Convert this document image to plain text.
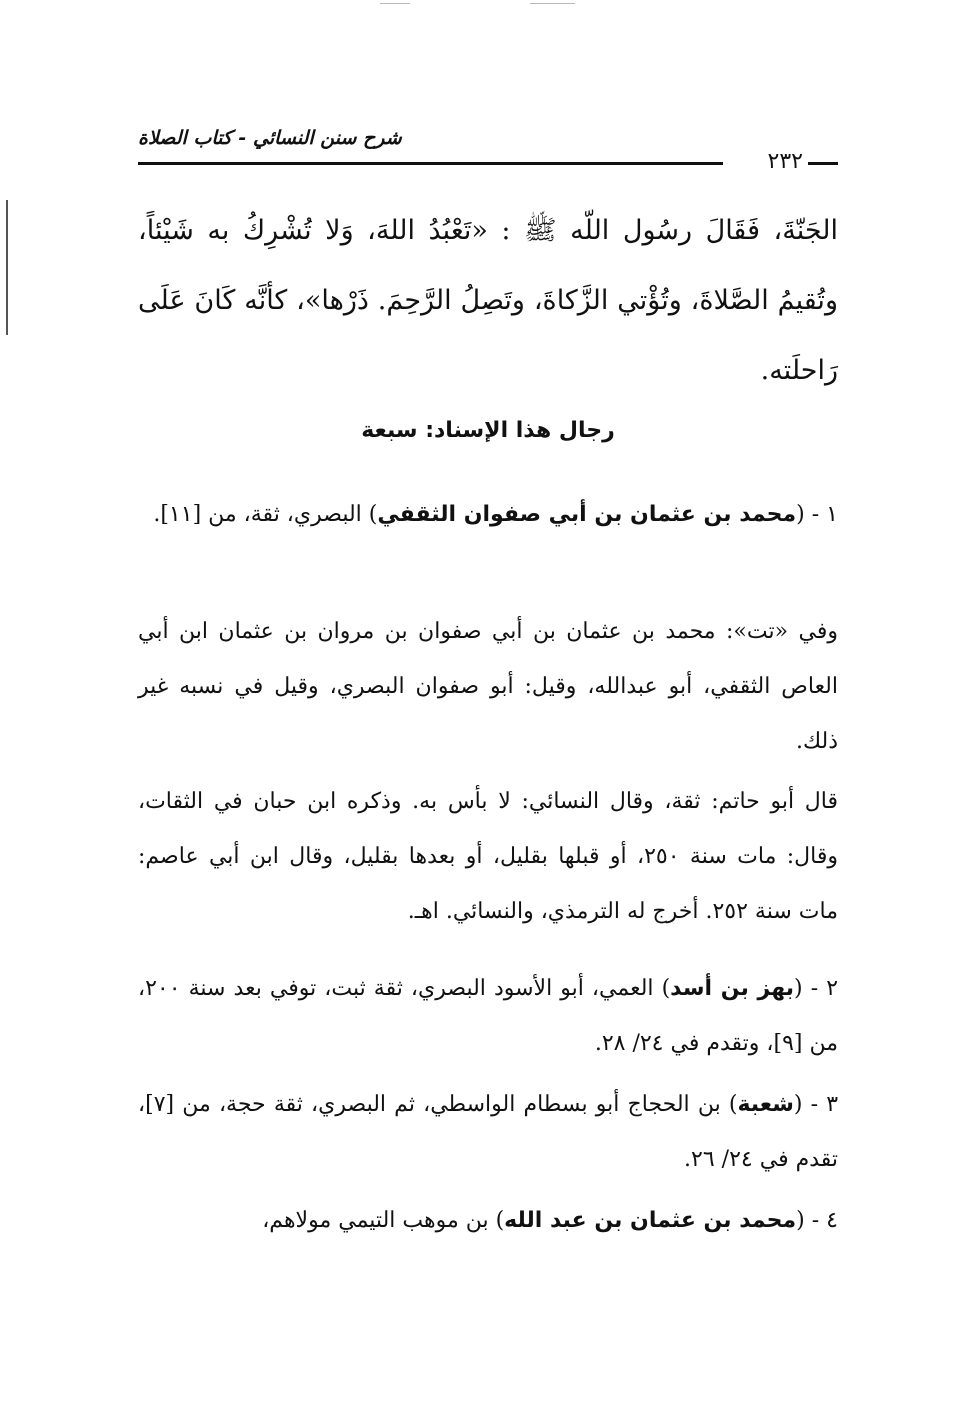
شرح سنن النسائي - كتاب الصلاة
٢٣٢
الجَنّةَ، فَقَالَ رسُول اللّه ﷺ : «تَعْبُدُ اللهَ، وَلا تُشْرِكُ به شَيْئاً، وتُقيمُ الصَّلاةَ، وتُؤْتي الزَّكاةَ، وتَصِلُ الرَّحِمَ. ذَرْها»، كأنَّه كَانَ عَلَى رَاحلَته.
رجال هذا الإسناد: سبعة
١ - (محمد بن عثمان بن أبي صفوان الثقفي) البصري، ثقة، من [١١].
وفي «تت»: محمد بن عثمان بن أبي صفوان بن مروان بن عثمان ابن أبي العاص الثقفي، أبو عبدالله، وقيل: أبو صفوان البصري، وقيل في نسبه غير ذلك.
قال أبو حاتم: ثقة، وقال النسائي: لا بأس به. وذكره ابن حبان في الثقات، وقال: مات سنة ٢٥٠، أو قبلها بقليل، أو بعدها بقليل، وقال ابن أبي عاصم: مات سنة ٢٥٢. أخرج له الترمذي، والنسائي. اهـ.
٢ - (بهز بن أسد) العمي، أبو الأسود البصري، ثقة ثبت، توفي بعد سنة ٢٠٠، من [٩]، وتقدم في ٢٤/ ٢٨.
٣ - (شعبة) بن الحجاج أبو بسطام الواسطي، ثم البصري، ثقة حجة، من [٧]، تقدم في ٢٤/ ٢٦.
٤ - (محمد بن عثمان بن عبد الله) بن موهب التيمي مولاهم،
